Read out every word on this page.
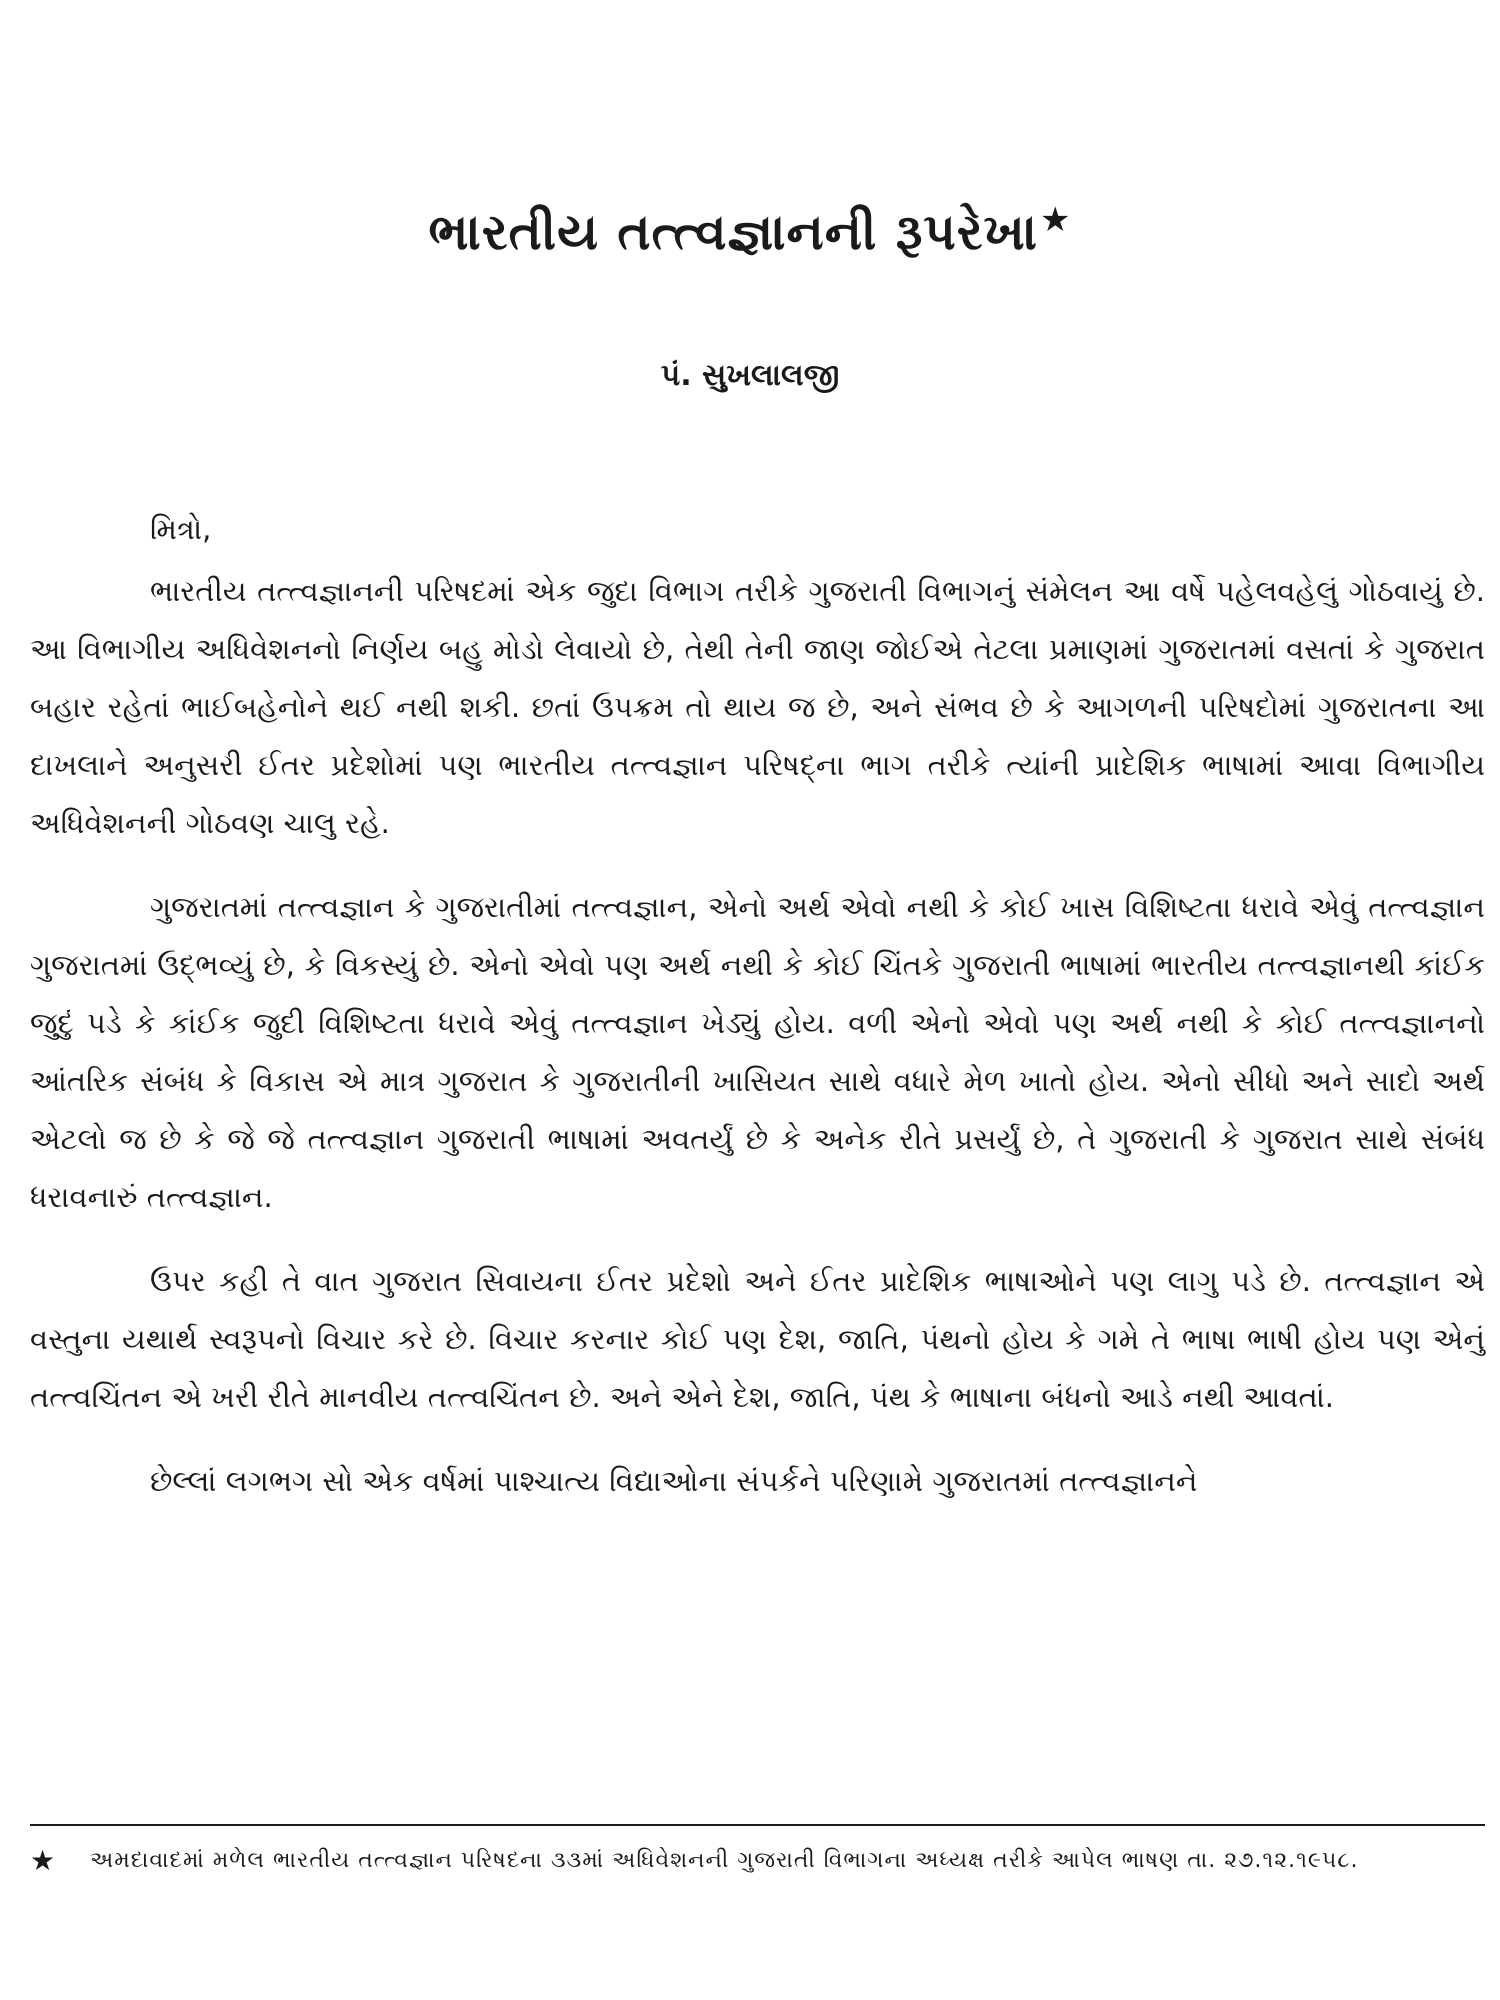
ભારતીય તત્ત્વજ્ઞાનની રૂપરેખા★
પં. સુખલાલજી

મિત્રો,

ભારતીય તત્ત્વજ્ઞાનની પરિષદમાં એક જુદા વિભાગ તરીકે ગુજરાતી વિભાગનું સંમેલન આ વર્ષે પહેલવહેલું ગોઠવાયું છે. આ વિભાગીય અધિવેશનનો નિર્ણય બહુ મોડો લેવાયો છે, તેથી તેની જાણ જોઈએ તેટલા પ્રમાણમાં ગુજરાતમાં વસતાં કે ગુજરાત બહાર રહેતાં ભાઈબહેનોને થઈ નથી શકી. છતાં ઉપક્રમ તો થાય જ છે, અને સંભવ છે કે આગળની પરિષદોમાં ગુજરાતના આ દાખલાને અનુસરી ઈતર પ્રદેશોમાં પણ ભારતીય તત્ત્વજ્ઞાન પરિષદ્‌ના ભાગ તરીકે ત્યાંની પ્રાદેશિક ભાષામાં આવા વિભાગીય અધિવેશનની ગોઠવણ ચાલુ રહે.

ગુજરાતમાં તત્ત્વજ્ઞાન કે ગુજરાતીમાં તત્ત્વજ્ઞાન, એનો અર્થ એવો નથી કે કોઈ ખાસ વિશિષ્ટતા ધરાવે એવું તત્ત્વજ્ઞાન ગુજરાતમાં ઉદ્ભવ્યું છે, કે વિકસ્યું છે. એનો એવો પણ અર્થ નથી કે કોઈ ચિંતકે ગુજરાતી ભાષામાં ભારતીય તત્ત્વજ્ઞાનથી કાંઈક જુદું પડે કે કાંઈક જુદી વિશિષ્ટતા ધરાવે એવું તત્ત્વજ્ઞાન ખેડ્યું હોય. વળી એનો એવો પણ અર્થ નથી કે કોઈ તત્ત્વજ્ઞાનનો આંતરિક સંબંધ કે વિકાસ એ માત્ર ગુજરાત કે ગુજરાતીની ખાસિયત સાથે વધારે મેળ ખાતો હોય. એનો સીધો અને સાદો અર્થ એટલો જ છે કે જે જે તત્ત્વજ્ઞાન ગુજરાતી ભાષામાં અવતર્યું છે કે અનેક રીતે પ્રસર્યું છે, તે ગુજરાતી કે ગુજરાત સાથે સંબંધ ધરાવનારું તત્ત્વજ્ઞાન.

ઉપર કહી તે વાત ગુજરાત સિવાયના ઈતર પ્રદેશો અને ઈતર પ્રાદેશિક ભાષાઓને પણ લાગુ પડે છે. તત્ત્વજ્ઞાન એ વસ્તુના યથાર્થ સ્વરૂપનો વિચાર કરે છે. વિચાર કરનાર કોઈ પણ દેશ, જાતિ, પંથનો હોય કે ગમે તે ભાષા ભાષી હોય પણ એનું તત્ત્વચિંતન એ ખરી રીતે માનવીય તત્ત્વચિંતન છે. અને એને દેશ, જાતિ, પંથ કે ભાષાના બંધનો આડે નથી આવતાં.

છેલ્લાં લગભગ સો એક વર્ષમાં પાશ્ચાત્ય વિદ્યાઓના સંપર્કને પરિણામે ગુજરાતમાં તત્ત્વજ્ઞાનને

★	અમદાવાદમાં મળેલ ભારતીય તત્ત્વજ્ઞાન પરિષદના ૩૩માં અધિવેશનની ગુજરાતી વિભાગના અધ્યક્ષ તરીકે આપેલ ભાષણ તા. ૨૭.૧૨.૧૯૫૮.
